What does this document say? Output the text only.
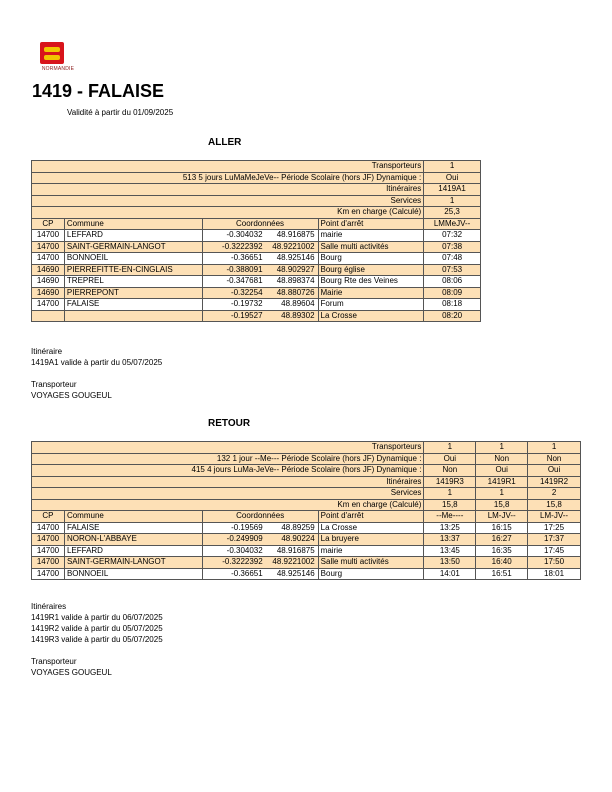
NORMANDIE
1419 - FALAISE
Validité à partir du 01/09/2025
ALLER
Transporteurs				1
513 5 jours LuMaMeJeVe-- Période Scolaire (hors JF) Dynamique :				Oui
Itinéraires				1419A1
Services				1
Km en charge (Calculé)				25,3
CP	Commune	Coordonnées	Point d'arrêt	LMMeJV--
14700	LEFFARD	-0.304032 48.916875	mairie	07:32
14700	SAINT-GERMAIN-LANGOT	-0.3222392 48.9221002	Salle multi activités	07:38
14700	BONNOEIL	-0.36651 48.925146	Bourg	07:48
14690	PIERREFITTE-EN-CINGLAIS	-0.388091 48.902927	Bourg église	07:53
14690	TREPREL	-0.347681 48.898374	Bourg Rte des Veines	08:06
14690	PIERREPONT	-0.32254 48.880726	Mairie	08:09
14700	FALAISE	-0.19732 48.89604	Forum	08:18
		-0.19527 48.89302	La Crosse	08:20
Itinéraire
1419A1 valide à partir du 05/07/2025
Transporteur
VOYAGES GOUGEUL
RETOUR
Transporteurs				1	1	1
132 1 jour --Me--- Période Scolaire (hors JF) Dynamique :				Oui	Non	Non
415 4 jours LuMa-JeVe-- Période Scolaire (hors JF) Dynamique :				Non	Oui	Oui
Itinéraires				1419R3	1419R1	1419R2
Services				1	1	2
Km en charge (Calculé)				15,8	15,8	15,8
CP	Commune	Coordonnées	Point d'arrêt	--Me----	LM-JV--	LM-JV--
14700	FALAISE	-0.19569 48.89259	La Crosse	13:25	16:15	17:25
14700	NORON-L'ABBAYE	-0.249909 48.90224	La bruyere	13:37	16:27	17:37
14700	LEFFARD	-0.304032 48.916875	mairie	13:45	16:35	17:45
14700	SAINT-GERMAIN-LANGOT	-0.3222392 48.9221002	Salle multi activités	13:50	16:40	17:50
14700	BONNOEIL	-0.36651 48.925146	Bourg	14:01	16:51	18:01
Itinéraires
1419R1 valide à partir du 06/07/2025
1419R2 valide à partir du 05/07/2025
1419R3 valide à partir du 05/07/2025
Transporteur
VOYAGES GOUGEUL
